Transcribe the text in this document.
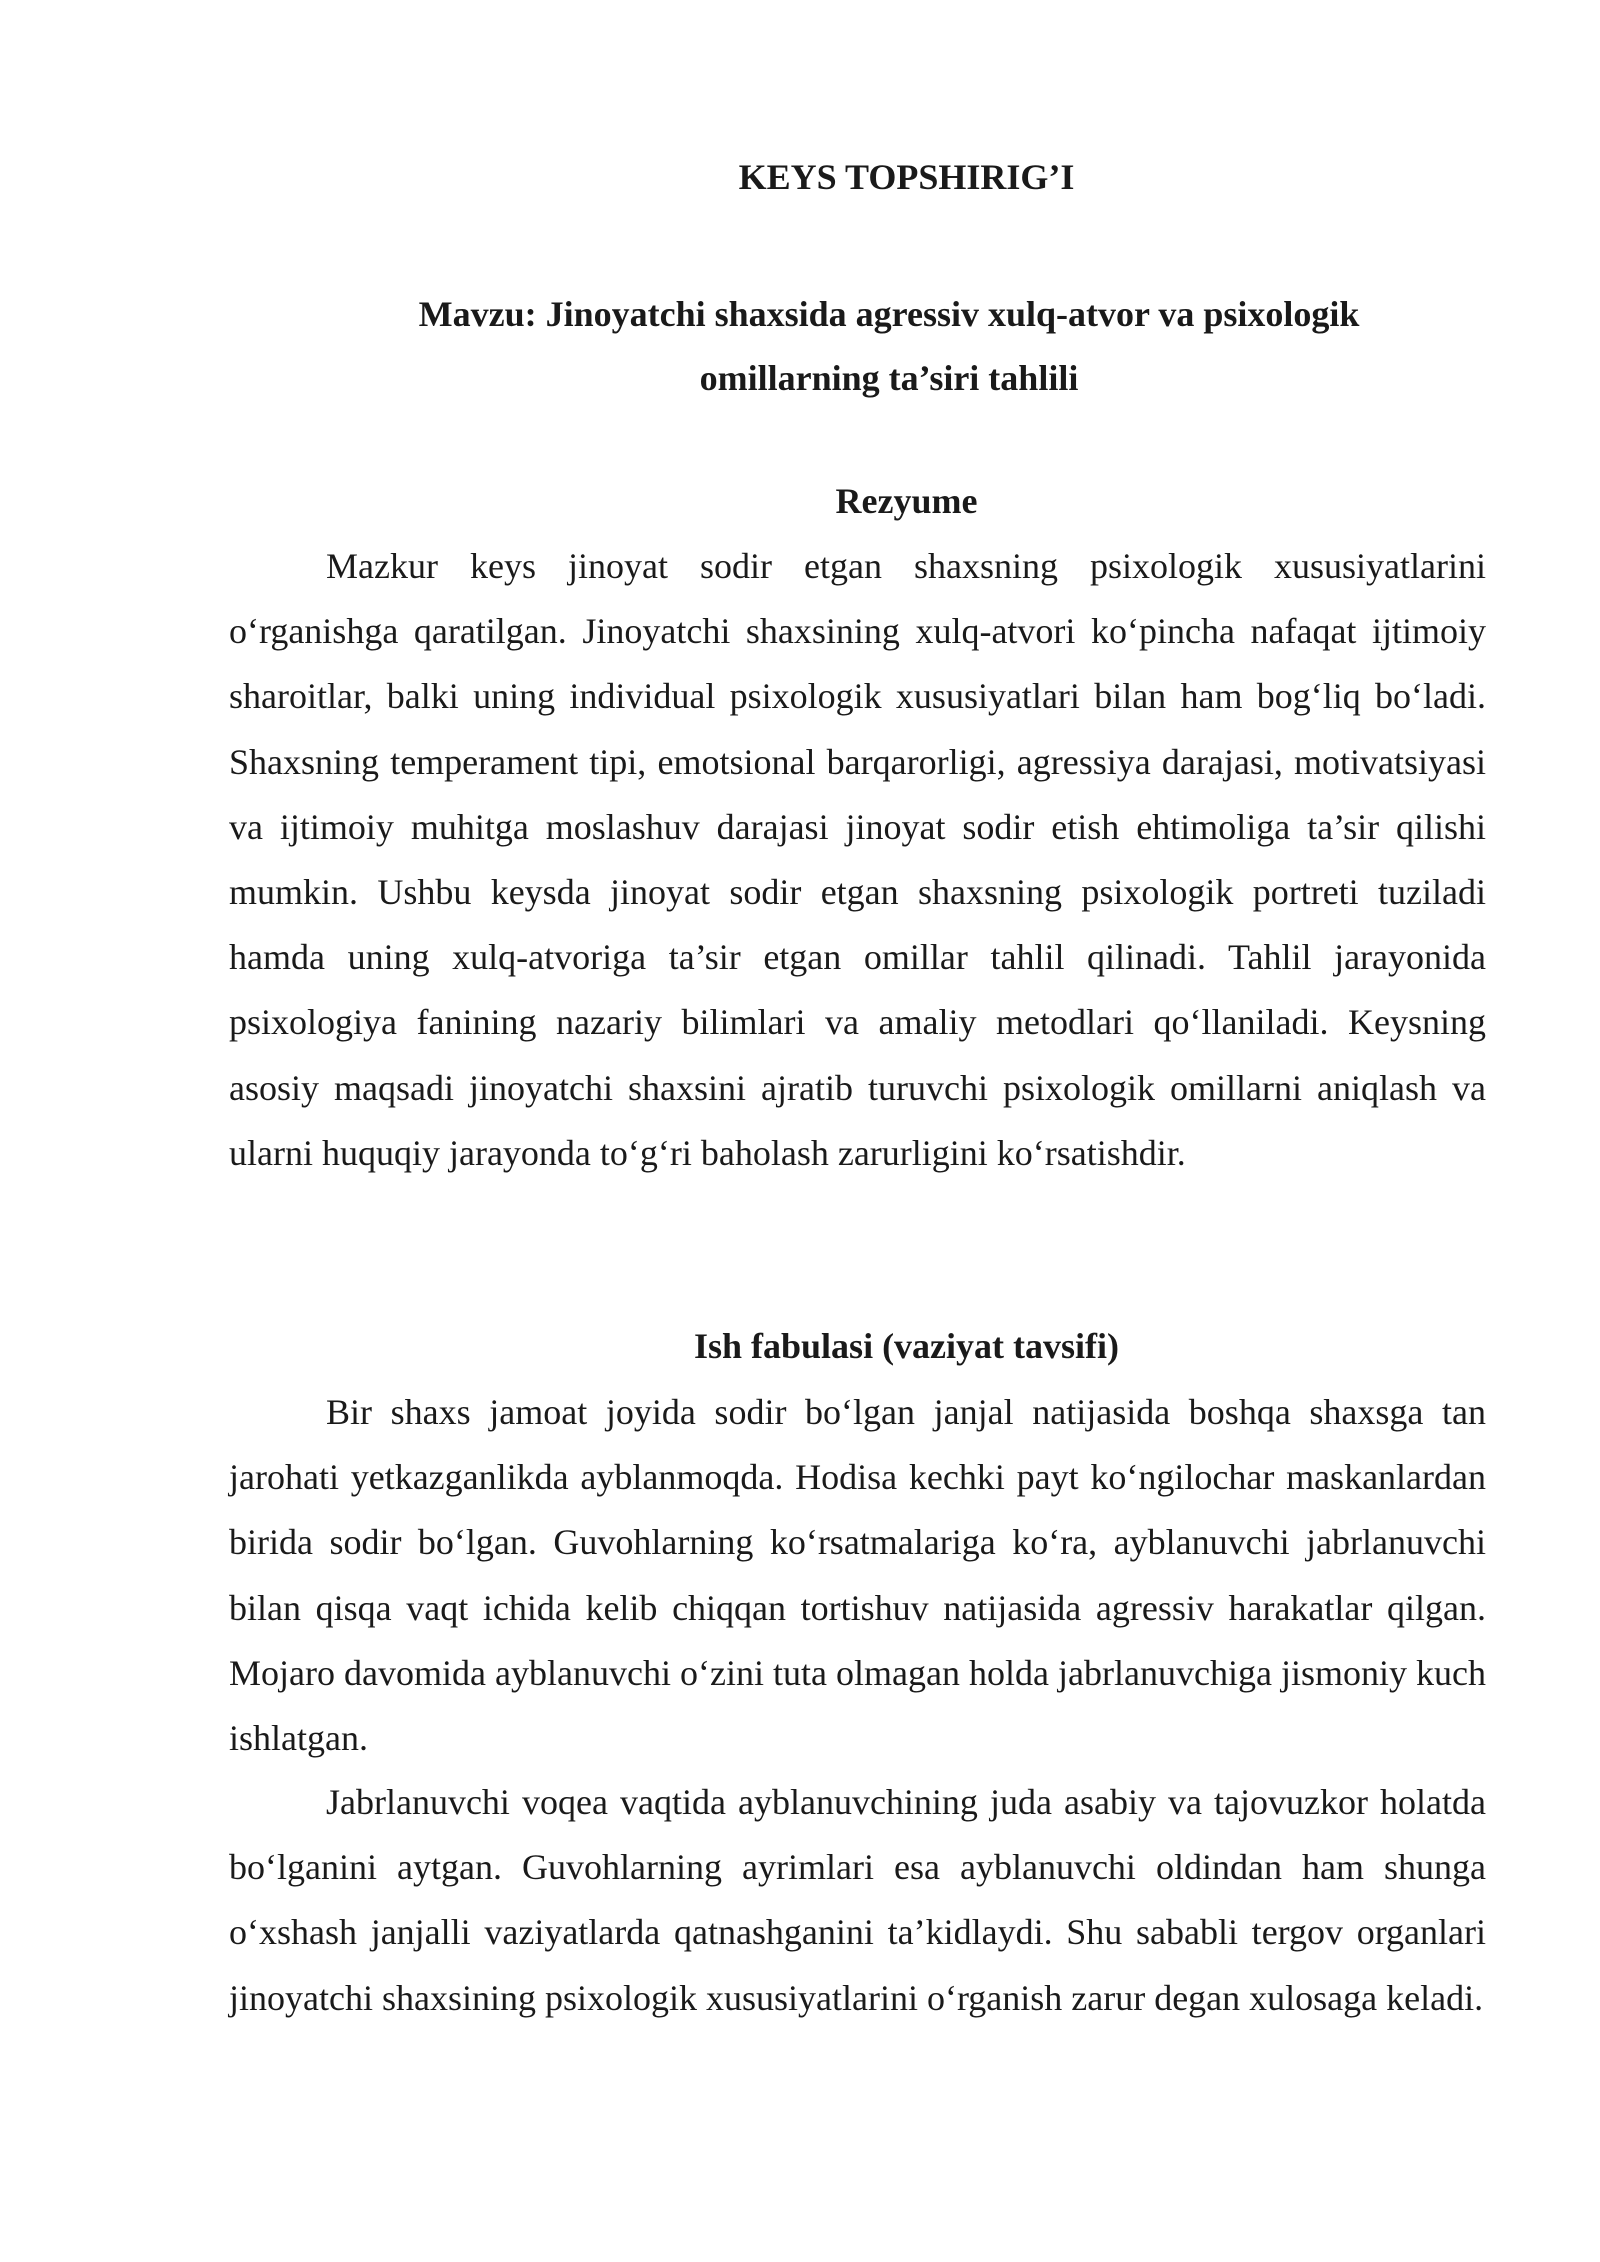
KEYS TOPSHIRIG’I
Mavzu: Jinoyatchi shaxsida agressiv xulq-atvor va psixologik omillarning ta’siri tahlili
Rezyume

Mazkur keys jinoyat sodir etgan shaxsning psixologik xususiyatlarini o‘rganishga qaratilgan. Jinoyatchi shaxsining xulq-atvori ko‘pincha nafaqat ijtimoiy sharoitlar, balki uning individual psixologik xususiyatlari bilan ham bog‘liq bo‘ladi. Shaxsning temperament tipi, emotsional barqarorligi, agressiya darajasi, motivatsiyasi va ijtimoiy muhitga moslashuv darajasi jinoyat sodir etish ehtimoliga ta’sir qilishi mumkin. Ushbu keysda jinoyat sodir etgan shaxsning psixologik portreti tuziladi hamda uning xulq-atvoriga ta’sir etgan omillar tahlil qilinadi. Tahlil jarayonida psixologiya fanining nazariy bilimlari va amaliy metodlari qo‘llaniladi. Keysning asosiy maqsadi jinoyatchi shaxsini ajratib turuvchi psixologik omillarni aniqlash va ularni huquqiy jarayonda to‘g‘ri baholash zarurligini ko‘rsatishdir.

Ish fabulasi (vaziyat tavsifi)

Bir shaxs jamoat joyida sodir bo‘lgan janjal natijasida boshqa shaxsga tan jarohati yetkazganlikda ayblanmoqda. Hodisa kechki payt ko‘ngilochar maskanlardan birida sodir bo‘lgan. Guvohlarning ko‘rsatmalariga ko‘ra, ayblanuvchi jabrlanuvchi bilan qisqa vaqt ichida kelib chiqqan tortishuv natijasida agressiv harakatlar qilgan. Mojaro davomida ayblanuvchi o‘zini tuta olmagan holda jabrlanuvchiga jismoniy kuch ishlatgan.

Jabrlanuvchi voqea vaqtida ayblanuvchining juda asabiy va tajovuzkor holatda bo‘lganini aytgan. Guvohlarning ayrimlari esa ayblanuvchi oldindan ham shunga o‘xshash janjalli vaziyatlarda qatnashganini ta’kidlaydi. Shu sababli tergov organlari jinoyatchi shaxsining psixologik xususiyatlarini o‘rganish zarur degan xulosaga keladi.
